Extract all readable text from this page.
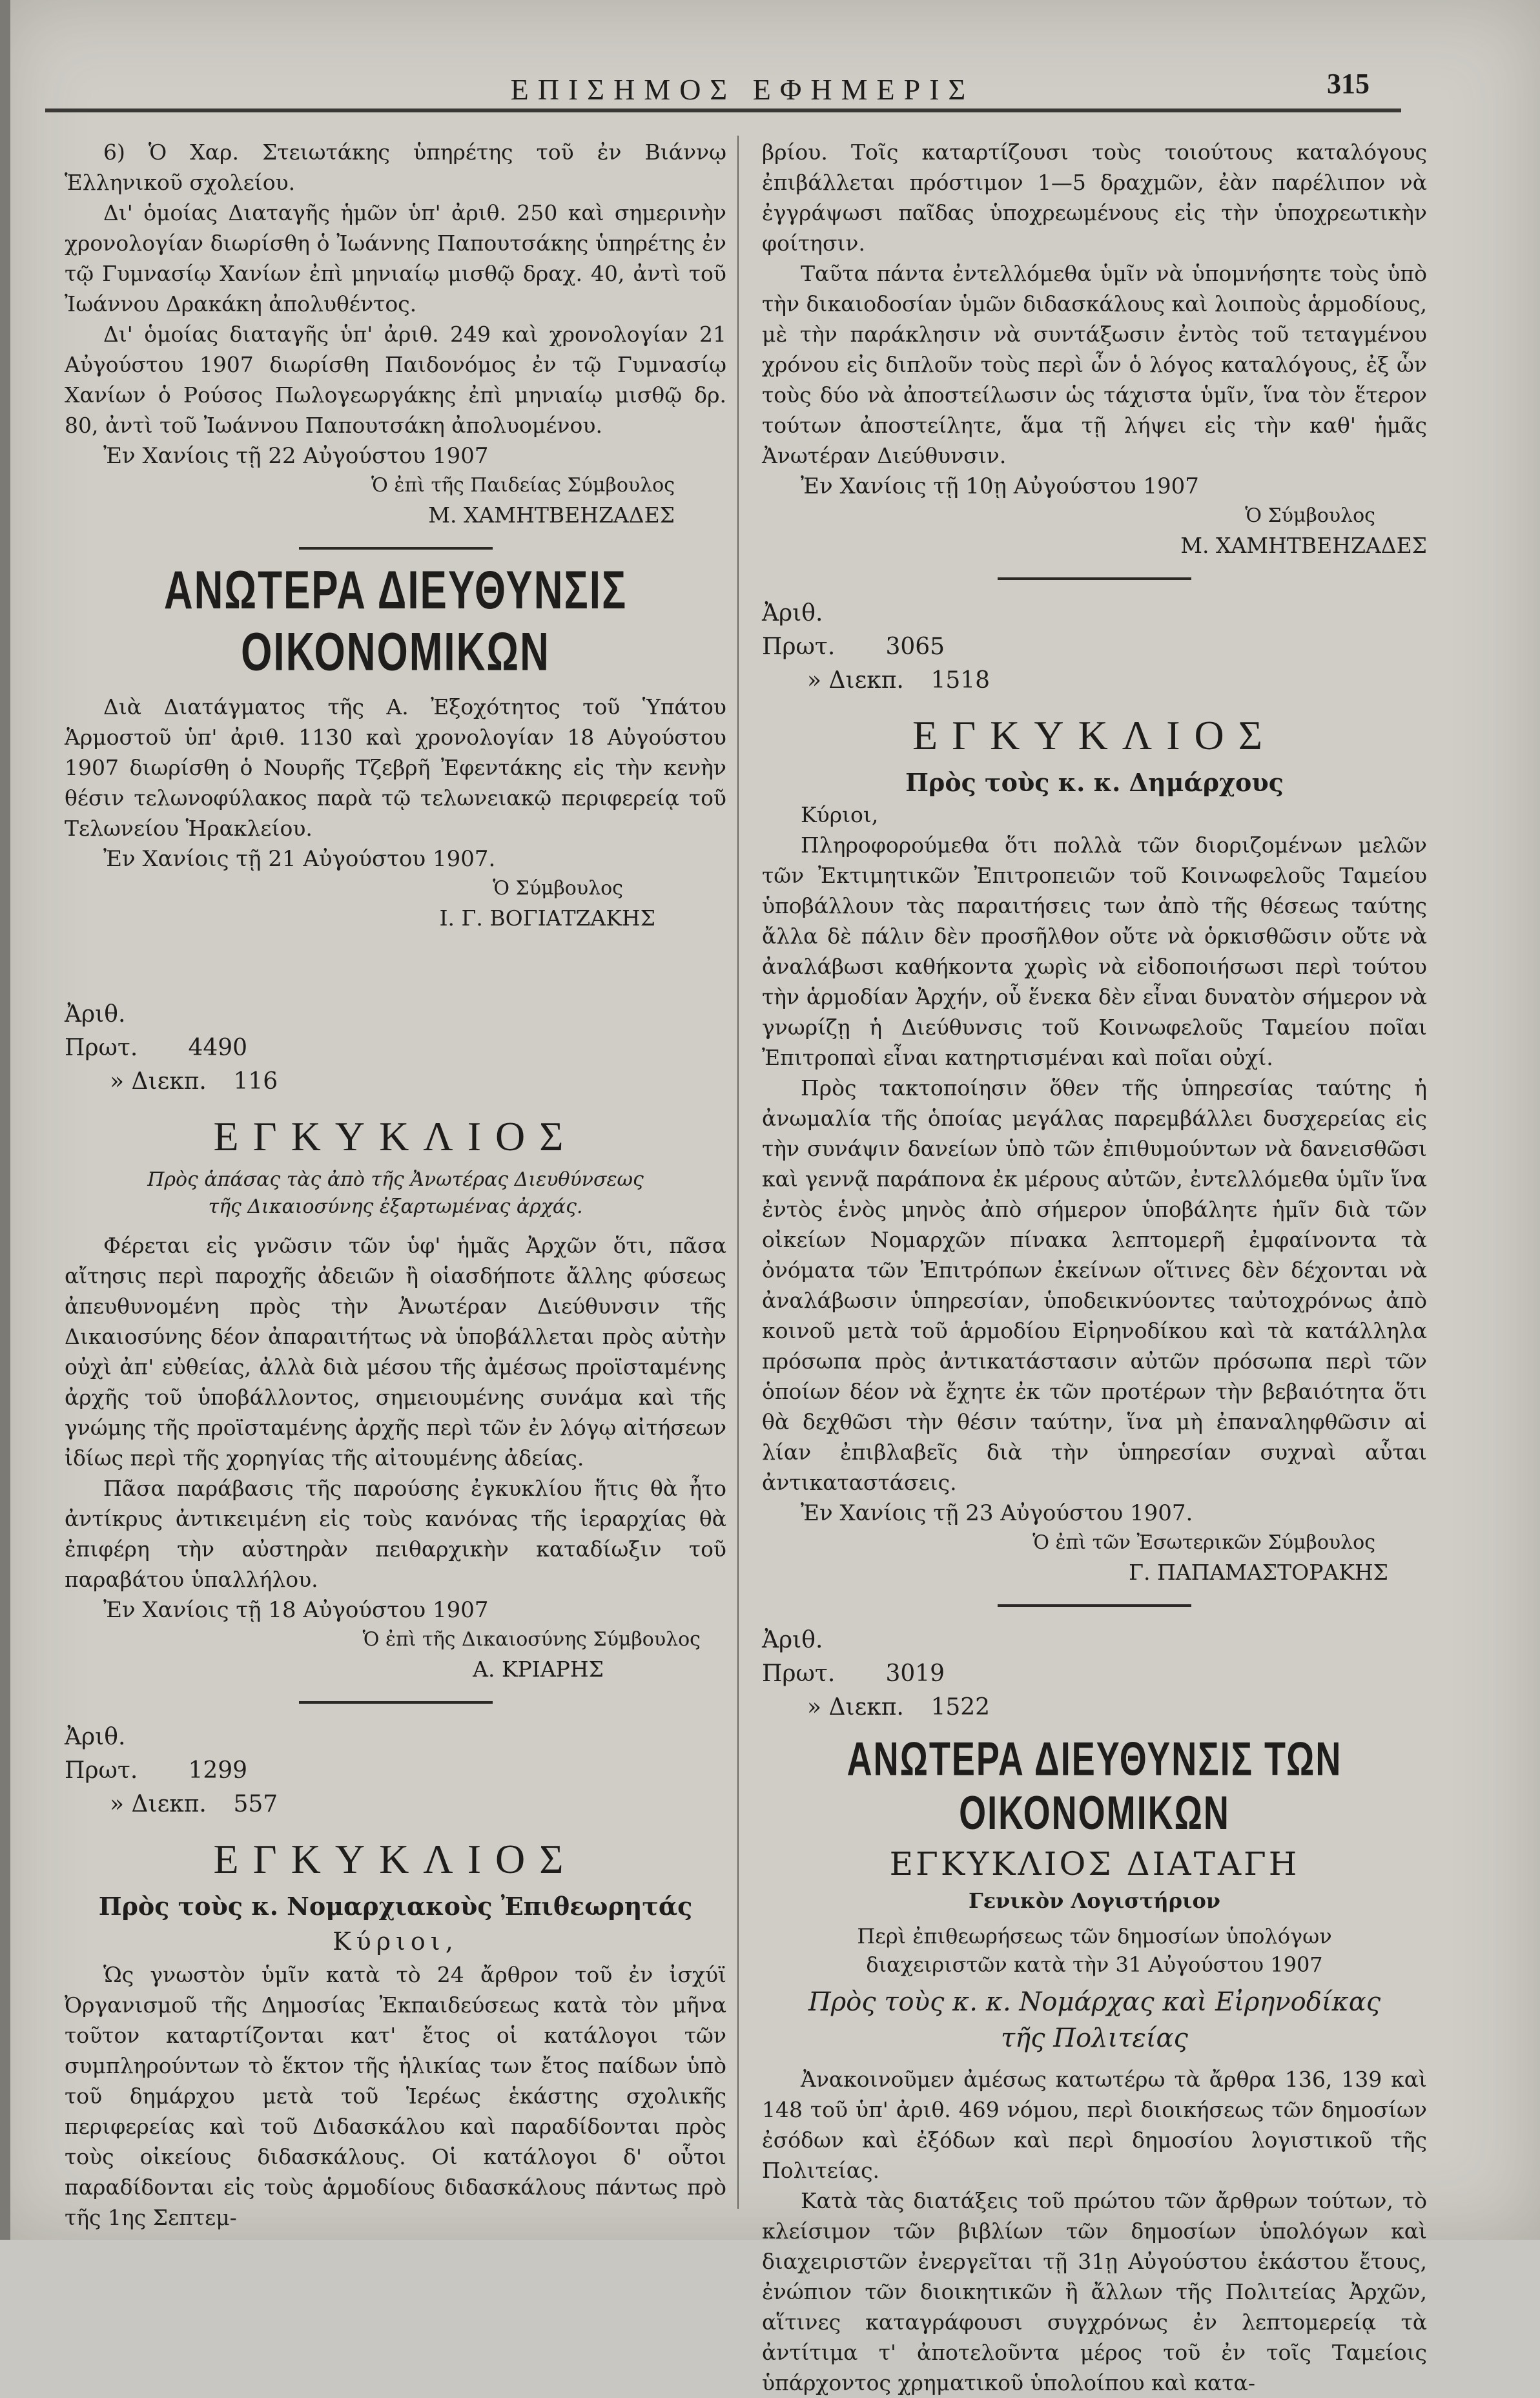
ΕΠΙΣΗΜΟΣ ΕΦΗΜΕΡΙΣ	315

6) Ὁ Χαρ. Στειωτάκης ὑπηρέτης τοῦ ἐν Βιάννῳ Ἑλληνικοῦ σχολείου.

Δι' ὁμοίας Διαταγῆς ἡμῶν ὑπ' ἀριθ. 250 καὶ σημερινὴν χρονολογίαν διωρίσθη ὁ Ἰωάννης Παπουτσάκης ὑπηρέτης ἐν τῷ Γυμνασίῳ Χανίων ἐπὶ μηνιαίῳ μισθῷ δραχ. 40, ἀντὶ τοῦ Ἰωάννου Δρακάκη ἀπολυθέντος.

Δι' ὁμοίας διαταγῆς ὑπ' ἀριθ. 249 καὶ χρονολογίαν 21 Αὐγούστου 1907 διωρίσθη Παιδονόμος ἐν τῷ Γυμνασίῳ Χανίων ὁ Ρούσος Πωλογεωργάκης ἐπὶ μηνιαίῳ μισθῷ δρ. 80, ἀντὶ τοῦ Ἰωάννου Παπουτσάκη ἀπολυομένου.

Ἐν Χανίοις τῇ 22 Αὐγούστου 1907

Ὁ ἐπὶ τῆς Παιδείας Σύμβουλος

Μ. ΧΑΜΗΤΒΕΗΖΑΔΕΣ

ΑΝΩΤΕΡΑ ΔΙΕΥΘΥΝΣΙΣ ΟΙΚΟΝΟΜΙΚΩΝ

Διὰ Διατάγματος τῆς Α. Ἐξοχότητος τοῦ Ὑπάτου Ἁρμοστοῦ ὑπ' ἀριθ. 1130 καὶ χρονολογίαν 18 Αὐγούστου 1907 διωρίσθη ὁ Νουρῆς Τζεβρῆ Ἐφεντάκης εἰς τὴν κενὴν θέσιν τελωνοφύλακος παρὰ τῷ τελωνειακῷ περιφερείᾳ τοῦ Τελωνείου Ἡρακλείου.

Ἐν Χανίοις τῇ 21 Αὐγούστου 1907.

Ὁ Σύμβουλος

Ι. Γ. ΒΟΓΙΑΤΖΑΚΗΣ

Ἀριθ. Πρωτ. 4490

» Διεκπ. 116

ΕΓΚΥΚΛΙΟΣ

Πρὸς ἁπάσας τὰς ἀπὸ τῆς Ἀνωτέρας Διευθύνσεως

τῆς Δικαιοσύνης ἐξαρτωμένας ἀρχάς.

Φέρεται εἰς γνῶσιν τῶν ὑφ' ἡμᾶς Ἀρχῶν ὅτι, πᾶσα αἴτησις περὶ παροχῆς ἀδειῶν ἢ οἱασδήποτε ἄλλης φύσεως ἀπευθυνομένη πρὸς τὴν Ἀνωτέραν Διεύθυνσιν τῆς Δικαιοσύνης δέον ἀπαραιτήτως νὰ ὑποβάλλεται πρὸς αὐτὴν οὐχὶ ἀπ' εὐθείας, ἀλλὰ διὰ μέσου τῆς ἀμέσως προϊσταμένης ἀρχῆς τοῦ ὑποβάλλοντος, σημειουμένης συνάμα καὶ τῆς γνώμης τῆς προϊσταμένης ἀρχῆς περὶ τῶν ἐν λόγῳ αἰτήσεων ἰδίως περὶ τῆς χορηγίας τῆς αἰτουμένης ἀδείας.

Πᾶσα παράβασις τῆς παρούσης ἐγκυκλίου ἥτις θὰ ἦτο ἀντίκρυς ἀντικειμένη εἰς τοὺς κανόνας τῆς ἱεραρχίας θὰ ἐπιφέρη τὴν αὐστηρὰν πειθαρχικὴν καταδίωξιν τοῦ παραβάτου ὑπαλλήλου.

Ἐν Χανίοις τῇ 18 Αὐγούστου 1907

Ὁ ἐπὶ τῆς Δικαιοσύνης Σύμβουλος

Α. ΚΡΙΑΡΗΣ

Ἀριθ. Πρωτ. 1299

» Διεκπ. 557

ΕΓΚΥΚΛΙΟΣ

Πρὸς τοὺς κ. Νομαρχιακοὺς Ἐπιθεωρητάς

Κύριοι,

Ὡς γνωστὸν ὑμῖν κατὰ τὸ 24 ἄρθρον τοῦ ἐν ἰσχύϊ Ὀργανισμοῦ τῆς Δημοσίας Ἐκπαιδεύσεως κατὰ τὸν μῆνα τοῦτον καταρτίζονται κατ' ἔτος οἱ κατάλογοι τῶν συμπληρούντων τὸ ἕκτον τῆς ἡλικίας των ἔτος παίδων ὑπὸ τοῦ δημάρχου μετὰ τοῦ Ἱερέως ἑκάστης σχολικῆς περιφερείας καὶ τοῦ Διδασκάλου καὶ παραδίδονται πρὸς τοὺς οἰκείους διδασκάλους. Οἱ κατάλογοι δ' οὗτοι παραδίδονται εἰς τοὺς ἁρμοδίους διδασκάλους πάντως πρὸ τῆς 1ης Σεπτεμ-

βρίου. Τοῖς καταρτίζουσι τοὺς τοιούτους καταλόγους ἐπιβάλλεται πρόστιμον 1—5 δραχμῶν, ἐὰν παρέλιπον νὰ ἐγγράψωσι παῖδας ὑποχρεωμένους εἰς τὴν ὑποχρεωτικὴν φοίτησιν.

Ταῦτα πάντα ἐντελλόμεθα ὑμῖν νὰ ὑπομνήσητε τοὺς ὑπὸ τὴν δικαιοδοσίαν ὑμῶν διδασκάλους καὶ λοιποὺς ἁρμοδίους, μὲ τὴν παράκλησιν νὰ συντάξωσιν ἐντὸς τοῦ τεταγμένου χρόνου εἰς διπλοῦν τοὺς περὶ ὧν ὁ λόγος καταλόγους, ἐξ ὧν τοὺς δύο νὰ ἀποστείλωσιν ὡς τάχιστα ὑμῖν, ἵνα τὸν ἕτερον τούτων ἀποστείλητε, ἅμα τῇ λήψει εἰς τὴν καθ' ἡμᾶς Ἀνωτέραν Διεύθυνσιν.

Ἐν Χανίοις τῇ 10ῃ Αὐγούστου 1907

Ὁ Σύμβουλος

Μ. ΧΑΜΗΤΒΕΗΖΑΔΕΣ

Ἀριθ. Πρωτ. 3065

» Διεκπ. 1518

ΕΓΚΥΚΛΙΟΣ

Πρὸς τοὺς κ. κ. Δημάρχους

Κύριοι,

Πληροφορούμεθα ὅτι πολλὰ τῶν διοριζομένων μελῶν τῶν Ἐκτιμητικῶν Ἐπιτροπειῶν τοῦ Κοινωφελοῦς Ταμείου ὑποβάλλουν τὰς παραιτήσεις των ἀπὸ τῆς θέσεως ταύτης ἄλλα δὲ πάλιν δὲν προσῆλθον οὔτε νὰ ὁρκισθῶσιν οὔτε νὰ ἀναλάβωσι καθήκοντα χωρὶς νὰ εἰδοποιήσωσι περὶ τούτου τὴν ἁρμοδίαν Ἀρχήν, οὗ ἕνεκα δὲν εἶναι δυνατὸν σήμερον νὰ γνωρίζῃ ἡ Διεύθυνσις τοῦ Κοινωφελοῦς Ταμείου ποῖαι Ἐπιτροπαὶ εἶναι κατηρτισμέναι καὶ ποῖαι οὐχί.

Πρὸς τακτοποίησιν ὅθεν τῆς ὑπηρεσίας ταύτης ἡ ἀνωμαλία τῆς ὁποίας μεγάλας παρεμβάλλει δυσχερείας εἰς τὴν συνάψιν δανείων ὑπὸ τῶν ἐπιθυμούντων νὰ δανεισθῶσι καὶ γεννᾷ παράπονα ἐκ μέρους αὐτῶν, ἐντελλόμεθα ὑμῖν ἵνα ἐντὸς ἑνὸς μηνὸς ἀπὸ σήμερον ὑποβάλητε ἡμῖν διὰ τῶν οἰκείων Νομαρχῶν πίνακα λεπτομερῆ ἐμφαίνοντα τὰ ὀνόματα τῶν Ἐπιτρόπων ἐκείνων οἵτινες δὲν δέχονται νὰ ἀναλάβωσιν ὑπηρεσίαν, ὑποδεικνύοντες ταὐτοχρόνως ἀπὸ κοινοῦ μετὰ τοῦ ἁρμοδίου Εἰρηνοδίκου καὶ τὰ κατάλληλα πρόσωπα πρὸς ἀντικατάστασιν αὐτῶν πρόσωπα περὶ τῶν ὁποίων δέον νὰ ἔχητε ἐκ τῶν προτέρων τὴν βεβαιότητα ὅτι θὰ δεχθῶσι τὴν θέσιν ταύτην, ἵνα μὴ ἐπαναληφθῶσιν αἱ λίαν ἐπιβλαβεῖς διὰ τὴν ὑπηρεσίαν συχναὶ αὗται ἀντικαταστάσεις.

Ἐν Χανίοις τῇ 23 Αὐγούστου 1907.

Ὁ ἐπὶ τῶν Ἐσωτερικῶν Σύμβουλος

Γ. ΠΑΠΑΜΑΣΤΟΡΑΚΗΣ

Ἀριθ. Πρωτ. 3019

» Διεκπ. 1522

ΑΝΩΤΕΡΑ ΔΙΕΥΘΥΝΣΙΣ ΤΩΝ ΟΙΚΟΝΟΜΙΚΩΝ

ΕΓΚΥΚΛΙΟΣ ΔΙΑΤΑΓΗ

Γενικὸν Λογιστήριον

Περὶ ἐπιθεωρήσεως τῶν δημοσίων ὑπολόγων διαχειριστῶν κατὰ τὴν 31 Αὐγούστου 1907

Πρὸς τοὺς κ. κ. Νομάρχας καὶ Εἰρηνοδίκας

τῆς Πολιτείας

Ἀνακοινοῦμεν ἀμέσως κατωτέρω τὰ ἄρθρα 136, 139 καὶ 148 τοῦ ὑπ' ἀριθ. 469 νόμου, περὶ διοικήσεως τῶν δημοσίων ἐσόδων καὶ ἐξόδων καὶ περὶ δημοσίου λογιστικοῦ τῆς Πολιτείας.

Κατὰ τὰς διατάξεις τοῦ πρώτου τῶν ἄρθρων τούτων, τὸ κλείσιμον τῶν βιβλίων τῶν δημοσίων ὑπολόγων καὶ διαχειριστῶν ἐνεργεῖται τῇ 31ῃ Αὐγούστου ἑκάστου ἔτους, ἐνώπιον τῶν διοικητικῶν ἢ ἄλλων τῆς Πολιτείας Ἀρχῶν, αἵτινες καταγράφουσι συγχρόνως ἐν λεπτομερείᾳ τὰ ἀντίτιμα τ' ἀποτελοῦντα μέρος τοῦ ἐν τοῖς Ταμείοις ὑπάρχοντος χρηματικοῦ ὑπολοίπου καὶ κατα-
